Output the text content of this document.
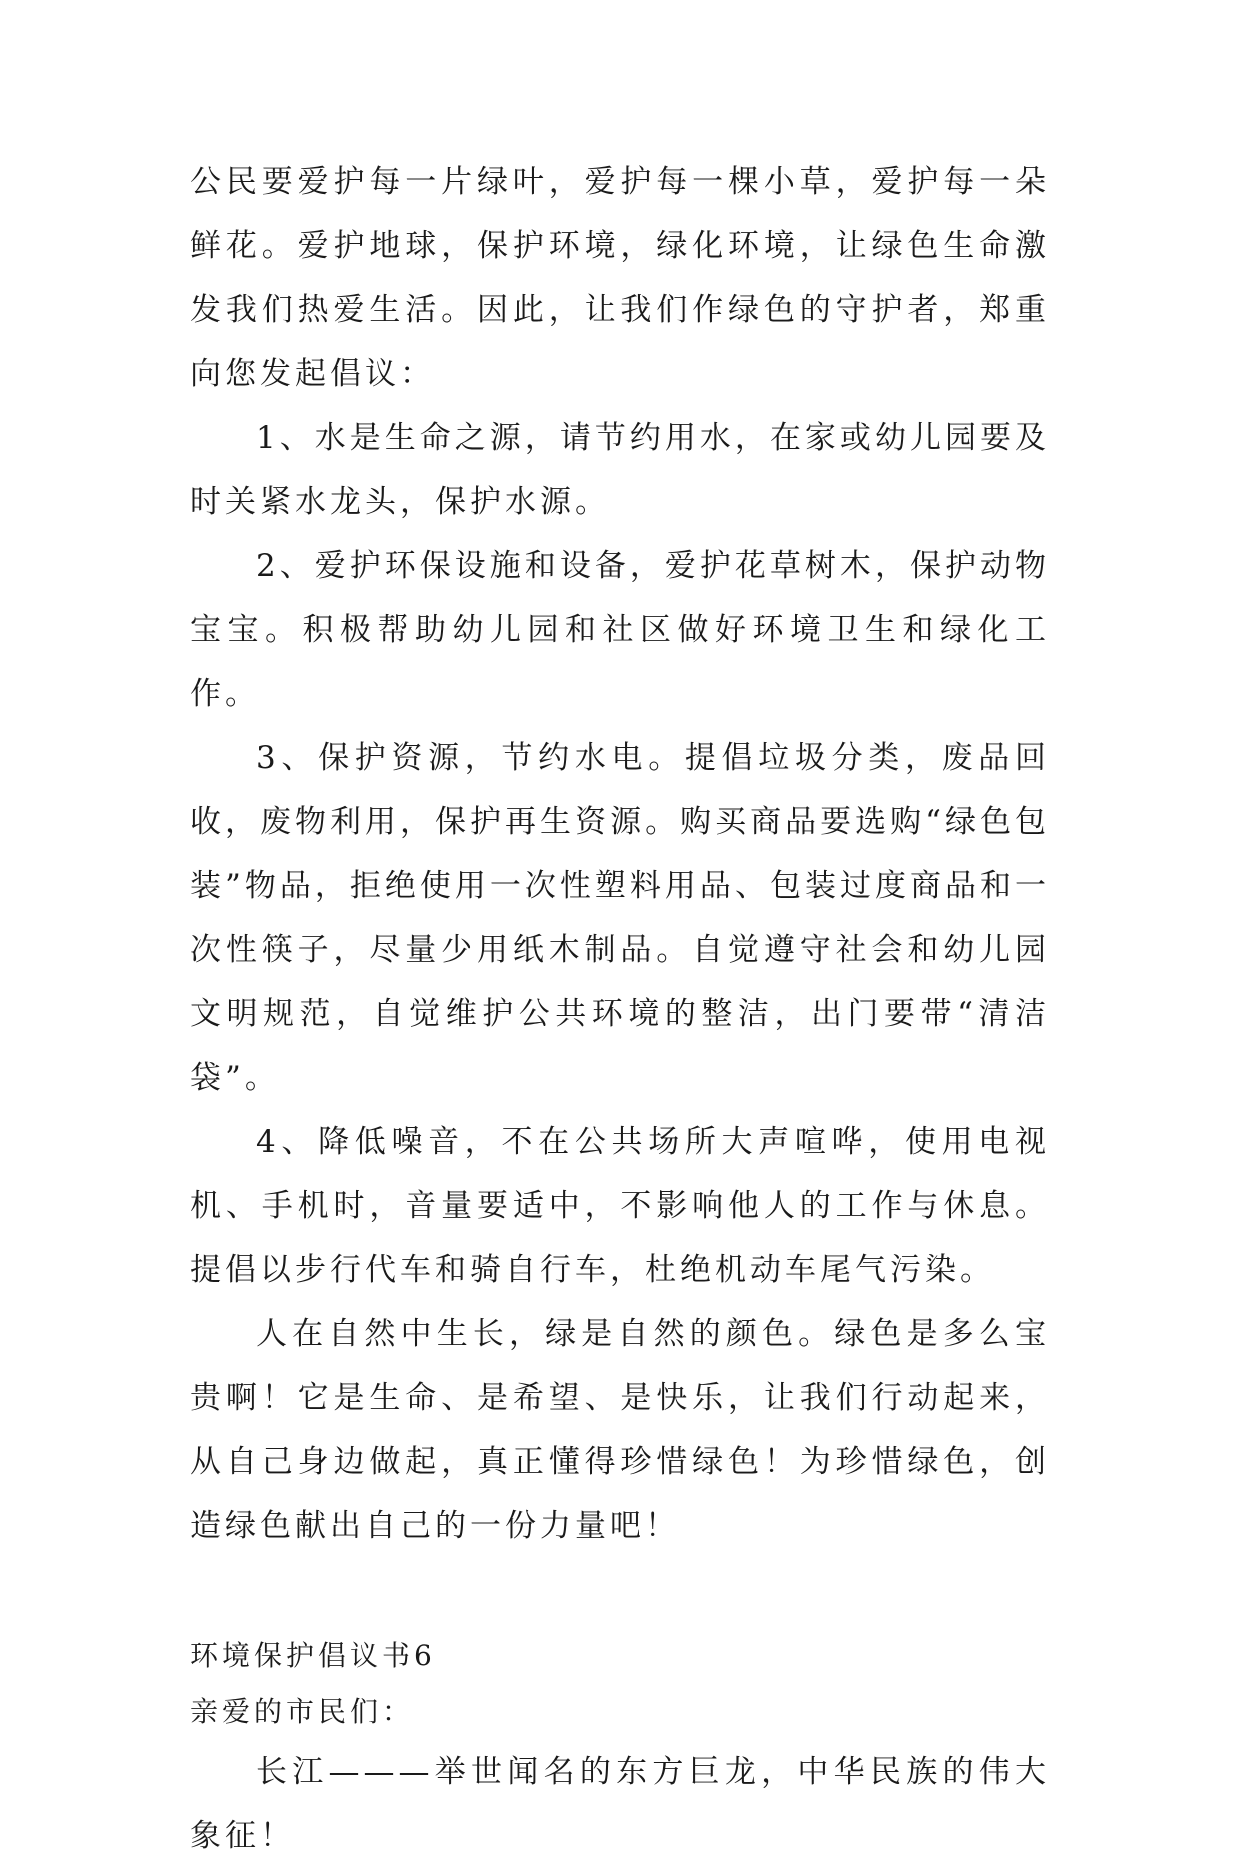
公民要爱护每一片绿叶，爱护每一棵小草，爱护每一朵鲜花。爱护地球，保护环境，绿化环境，让绿色生命激发我们热爱生活。因此，让我们作绿色的守护者，郑重向您发起倡议：

1、水是生命之源，请节约用水，在家或幼儿园要及时关紧水龙头，保护水源。

2、爱护环保设施和设备，爱护花草树木，保护动物宝宝。积极帮助幼儿园和社区做好环境卫生和绿化工作。

3、保护资源，节约水电。提倡垃圾分类，废品回收，废物利用，保护再生资源。购买商品要选购“绿色包装”物品，拒绝使用一次性塑料用品、包装过度商品和一次性筷子，尽量少用纸木制品。自觉遵守社会和幼儿园文明规范，自觉维护公共环境的整洁，出门要带“清洁袋”。

4、降低噪音，不在公共场所大声喧哗，使用电视机、手机时，音量要适中，不影响他人的工作与休息。提倡以步行代车和骑自行车，杜绝机动车尾气污染。

人在自然中生长，绿是自然的颜色。绿色是多么宝贵啊！它是生命、是希望、是快乐，让我们行动起来，从自己身边做起，真正懂得珍惜绿色！为珍惜绿色，创造绿色献出自己的一份力量吧！

环境保护倡议书6

亲爱的市民们：

长江———举世闻名的东方巨龙，中华民族的伟大象征！
